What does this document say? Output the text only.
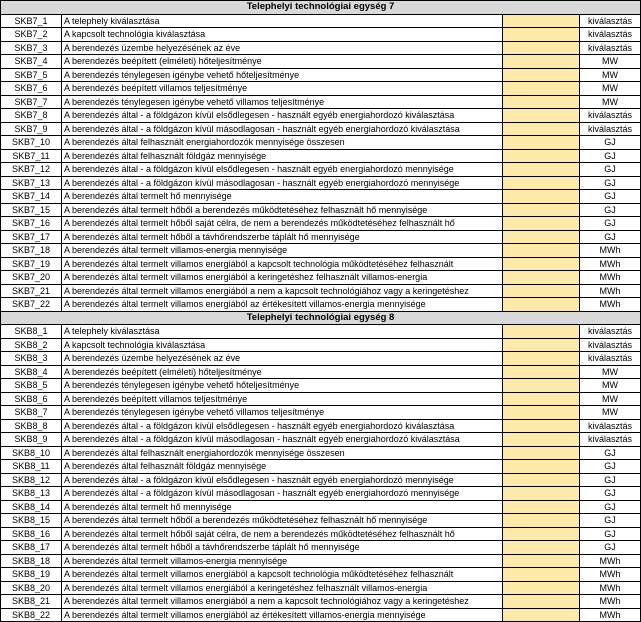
Telephelyi technológiai egység 7			
SKB7_1	A telephely kiválasztása		kiválasztás
SKB7_2	A kapcsolt technológia kiválasztása		kiválasztás
SKB7_3	A berendezés üzembe helyezésének az éve		kiválasztás
SKB7_4	A berendezés beépített (elméleti) hőteljesítménye		MW
SKB7_5	A berendezés ténylegesen igénybe vehető hőteljesítménye		MW
SKB7_6	A berendezés beépített villamos teljesítménye		MW
SKB7_7	A berendezés ténylegesen igénybe vehető villamos teljesítménye		MW
SKB7_8	A berendezés által - a földgázon kívül elsődlegesen - használt egyéb energiahordozó kiválasztása		kiválasztás
SKB7_9	A berendezés által - a földgázon kívül másodlagosan - használt egyéb energiahordozó kiválasztása		kiválasztás
SKB7_10	A berendezés által felhasznált energiahordozók mennyisége összesen		GJ
SKB7_11	A berendezés által felhasznált földgáz mennyisége		GJ
SKB7_12	A berendezés által - a földgázon kívül elsődlegesen - használt egyéb energiahordozó mennyisége		GJ
SKB7_13	A berendezés által - a földgázon kívül másodlagosan - használt egyéb energiahordozó mennyisége		GJ
SKB7_14	A berendezés által termelt hő mennyisége		GJ
SKB7_15	A berendezés által termelt hőből a berendezés működtetéséhez felhasznált hő mennyisége		GJ
SKB7_16	A berendezés által termelt hőből saját célra, de nem a berendezés működtetéséhez felhasznált hő		GJ
SKB7_17	A berendezés által termelt hőből a távhőrendszerbe táplált hő mennyisége		GJ
SKB7_18	A berendezés által termelt villamos-energia mennyisége		MWh
SKB7_19	A berendezés által termelt villamos energiából a kapcsolt technológia működtetéséhez felhasznált		MWh
SKB7_20	A berendezés által termelt villamos energiából a keringetéshez felhasznált villamos-energia		MWh
SKB7_21	A berendezés által termelt villamos energiából a nem a kapcsolt technológiához vagy a keringetéshez		MWh
SKB7_22	A berendezés által termelt villamos energiából az értékesített villamos-energia mennyisége		MWh
Telephelyi technológiai egység 8			
SKB8_1	A telephely kiválasztása		kiválasztás
SKB8_2	A kapcsolt technológia kiválasztása		kiválasztás
SKB8_3	A berendezés üzembe helyezésének az éve		kiválasztás
SKB8_4	A berendezés beépített (elméleti) hőteljesítménye		MW
SKB8_5	A berendezés ténylegesen igénybe vehető hőteljesítménye		MW
SKB8_6	A berendezés beépített villamos teljesítménye		MW
SKB8_7	A berendezés ténylegesen igénybe vehető villamos teljesítménye		MW
SKB8_8	A berendezés által - a földgázon kívül elsődlegesen - használt egyéb energiahordozó kiválasztása		kiválasztás
SKB8_9	A berendezés által - a földgázon kívül másodlagosan - használt egyéb energiahordozó kiválasztása		kiválasztás
SKB8_10	A berendezés által felhasznált energiahordozók mennyisége összesen		GJ
SKB8_11	A berendezés által felhasznált földgáz mennyisége		GJ
SKB8_12	A berendezés által - a földgázon kívül elsődlegesen - használt egyéb energiahordozó mennyisége		GJ
SKB8_13	A berendezés által - a földgázon kívül másodlagosan - használt egyéb energiahordozó mennyisége		GJ
SKB8_14	A berendezés által termelt hő mennyisége		GJ
SKB8_15	A berendezés által termelt hőből a berendezés működtetéséhez felhasznált hő mennyisége		GJ
SKB8_16	A berendezés által termelt hőből saját célra, de nem a berendezés működtetéséhez felhasznált hő		GJ
SKB8_17	A berendezés által termelt hőből a távhőrendszerbe táplált hő mennyisége		GJ
SKB8_18	A berendezés által termelt villamos-energia mennyisége		MWh
SKB8_19	A berendezés által termelt villamos energiából a kapcsolt technológia működtetéséhez felhasznált		MWh
SKB8_20	A berendezés által termelt villamos energiából a keringetéshez felhasznált villamos-energia		MWh
SKB8_21	A berendezés által termelt villamos energiából a nem a kapcsolt technológiához vagy a keringetéshez		MWh
SKB8_22	A berendezés által termelt villamos energiából az értékesített villamos-energia mennyisége		MWh
